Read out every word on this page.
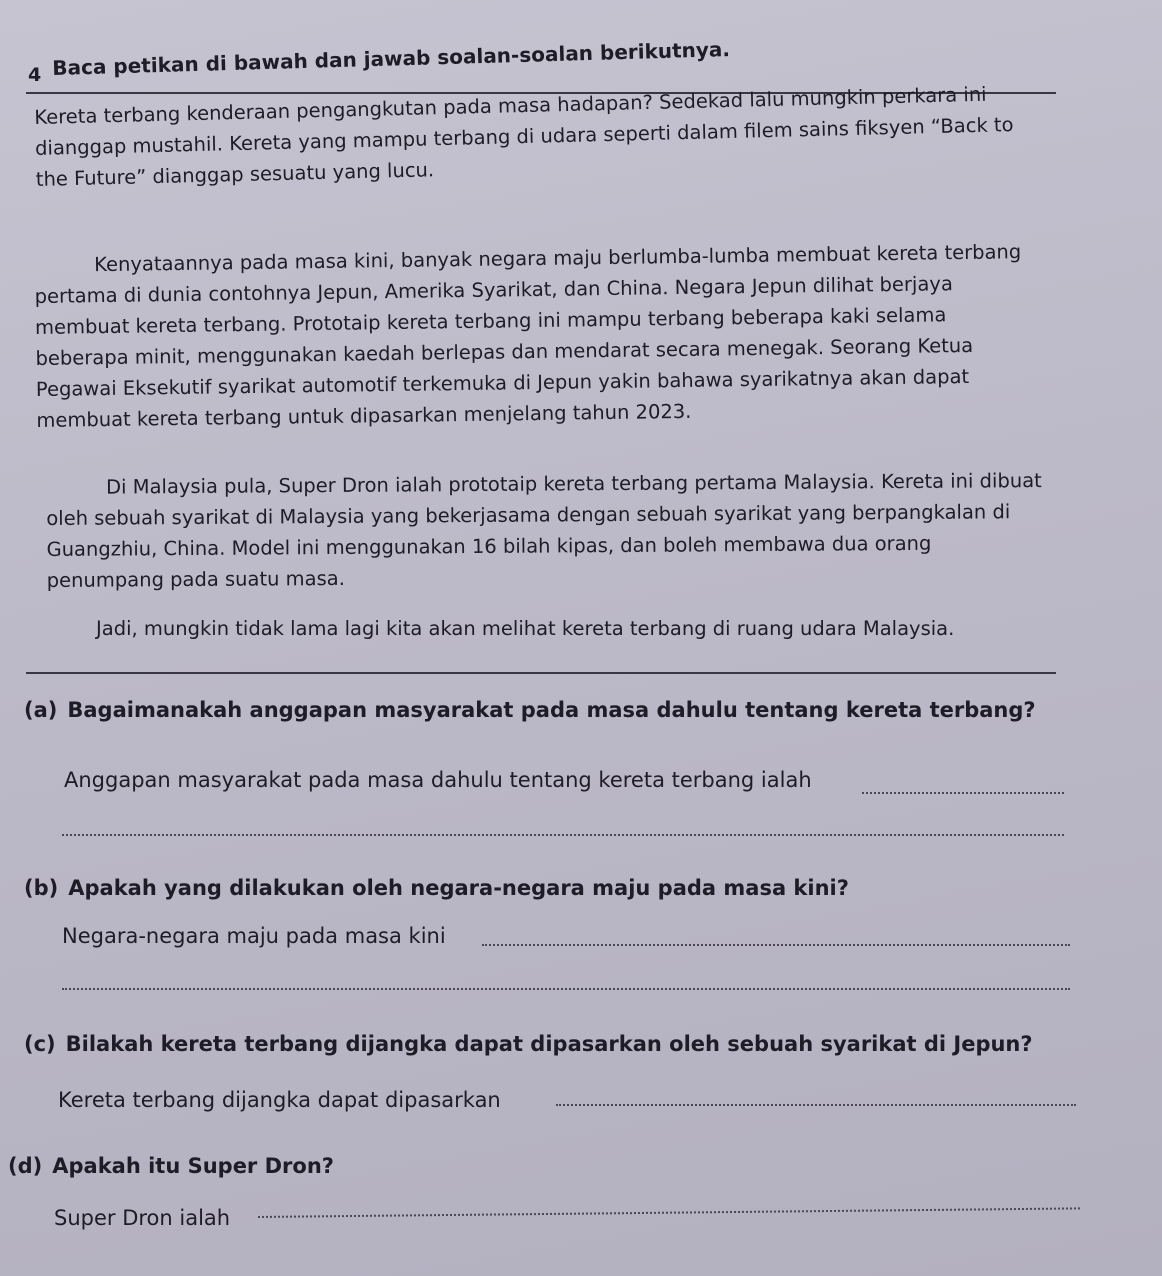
4 Baca petikan di bawah dan jawab soalan-soalan berikutnya.
Kereta terbang kenderaan pengangkutan pada masa hadapan? Sedekad lalu mungkin perkara ini dianggap mustahil. Kereta yang mampu terbang di udara seperti dalam filem sains fiksyen “Back to the Future” dianggap sesuatu yang lucu.
Kenyataannya pada masa kini, banyak negara maju berlumba-lumba membuat kereta terbang pertama di dunia contohnya Jepun, Amerika Syarikat, dan China. Negara Jepun dilihat berjaya membuat kereta terbang. Prototaip kereta terbang ini mampu terbang beberapa kaki selama beberapa minit, menggunakan kaedah berlepas dan mendarat secara menegak. Seorang Ketua Pegawai Eksekutif syarikat automotif terkemuka di Jepun yakin bahawa syarikatnya akan dapat membuat kereta terbang untuk dipasarkan menjelang tahun 2023.
Di Malaysia pula, Super Dron ialah prototaip kereta terbang pertama Malaysia. Kereta ini dibuat oleh sebuah syarikat di Malaysia yang bekerjasama dengan sebuah syarikat yang berpangkalan di Guangzhiu, China. Model ini menggunakan 16 bilah kipas, dan boleh membawa dua orang penumpang pada suatu masa.
Jadi, mungkin tidak lama lagi kita akan melihat kereta terbang di ruang udara Malaysia.
(a) Bagaimanakah anggapan masyarakat pada masa dahulu tentang kereta terbang?
Anggapan masyarakat pada masa dahulu tentang kereta terbang ialah
(b) Apakah yang dilakukan oleh negara-negara maju pada masa kini?
Negara-negara maju pada masa kini
(c) Bilakah kereta terbang dijangka dapat dipasarkan oleh sebuah syarikat di Jepun?
Kereta terbang dijangka dapat dipasarkan
(d) Apakah itu Super Dron?
Super Dron ialah
